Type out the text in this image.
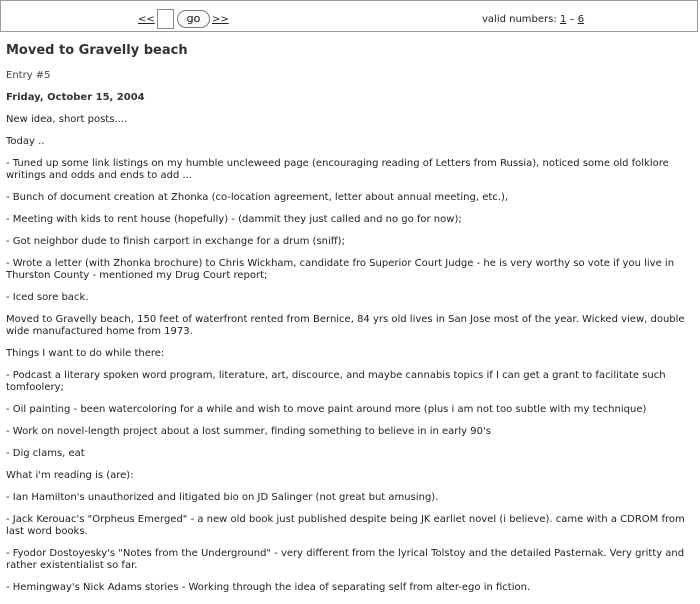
<<	go	>>	valid numbers: 1 – 6
Moved to Gravelly beach

Entry #5

Friday, October 15, 2004

New idea, short posts....

Today ..

- Tuned up some link listings on my humble uncleweed page (encouraging reading of Letters from Russia), noticed some old folklore writings and odds and ends to add ...

- Bunch of document creation at Zhonka (co-location agreement, letter about annual meeting, etc.),

- Meeting with kids to rent house (hopefully) - (dammit they just called and no go for now);

- Got neighbor dude to finish carport in exchange for a drum (sniff);

- Wrote a letter (with Zhonka brochure) to Chris Wickham, candidate fro Superior Court Judge - he is very worthy so vote if you live in Thurston County - mentioned my Drug Court report;

- Iced sore back.

Moved to Gravelly beach, 150 feet of waterfront rented from Bernice, 84 yrs old lives in San Jose most of the year. Wicked view, double wide manufactured home from 1973.

Things I want to do while there:

- Podcast a literary spoken word program, literature, art, discource, and maybe cannabis topics if I can get a grant to facilitate such tomfoolery;

- Oil painting - been watercoloring for a while and wish to move paint around more (plus i am not too subtle with my technique)

- Work on novel-length project about a lost summer, finding something to believe in in early 90's

- Dig clams, eat

What i'm reading is (are):

- Ian Hamilton's unauthorized and litigated bio on JD Salinger (not great but amusing).

- Jack Kerouac's "Orpheus Emerged" - a new old book just published despite being JK earliet novel (i believe). came with a CDROM from last word books.

- Fyodor Dostoyesky's "Notes from the Underground" - very different from the lyrical Tolstoy and the detailed Pasternak. Very gritty and rather existentialist so far.

- Hemingway's Nick Adams stories - Working through the idea of separating self from alter-ego in fiction.
